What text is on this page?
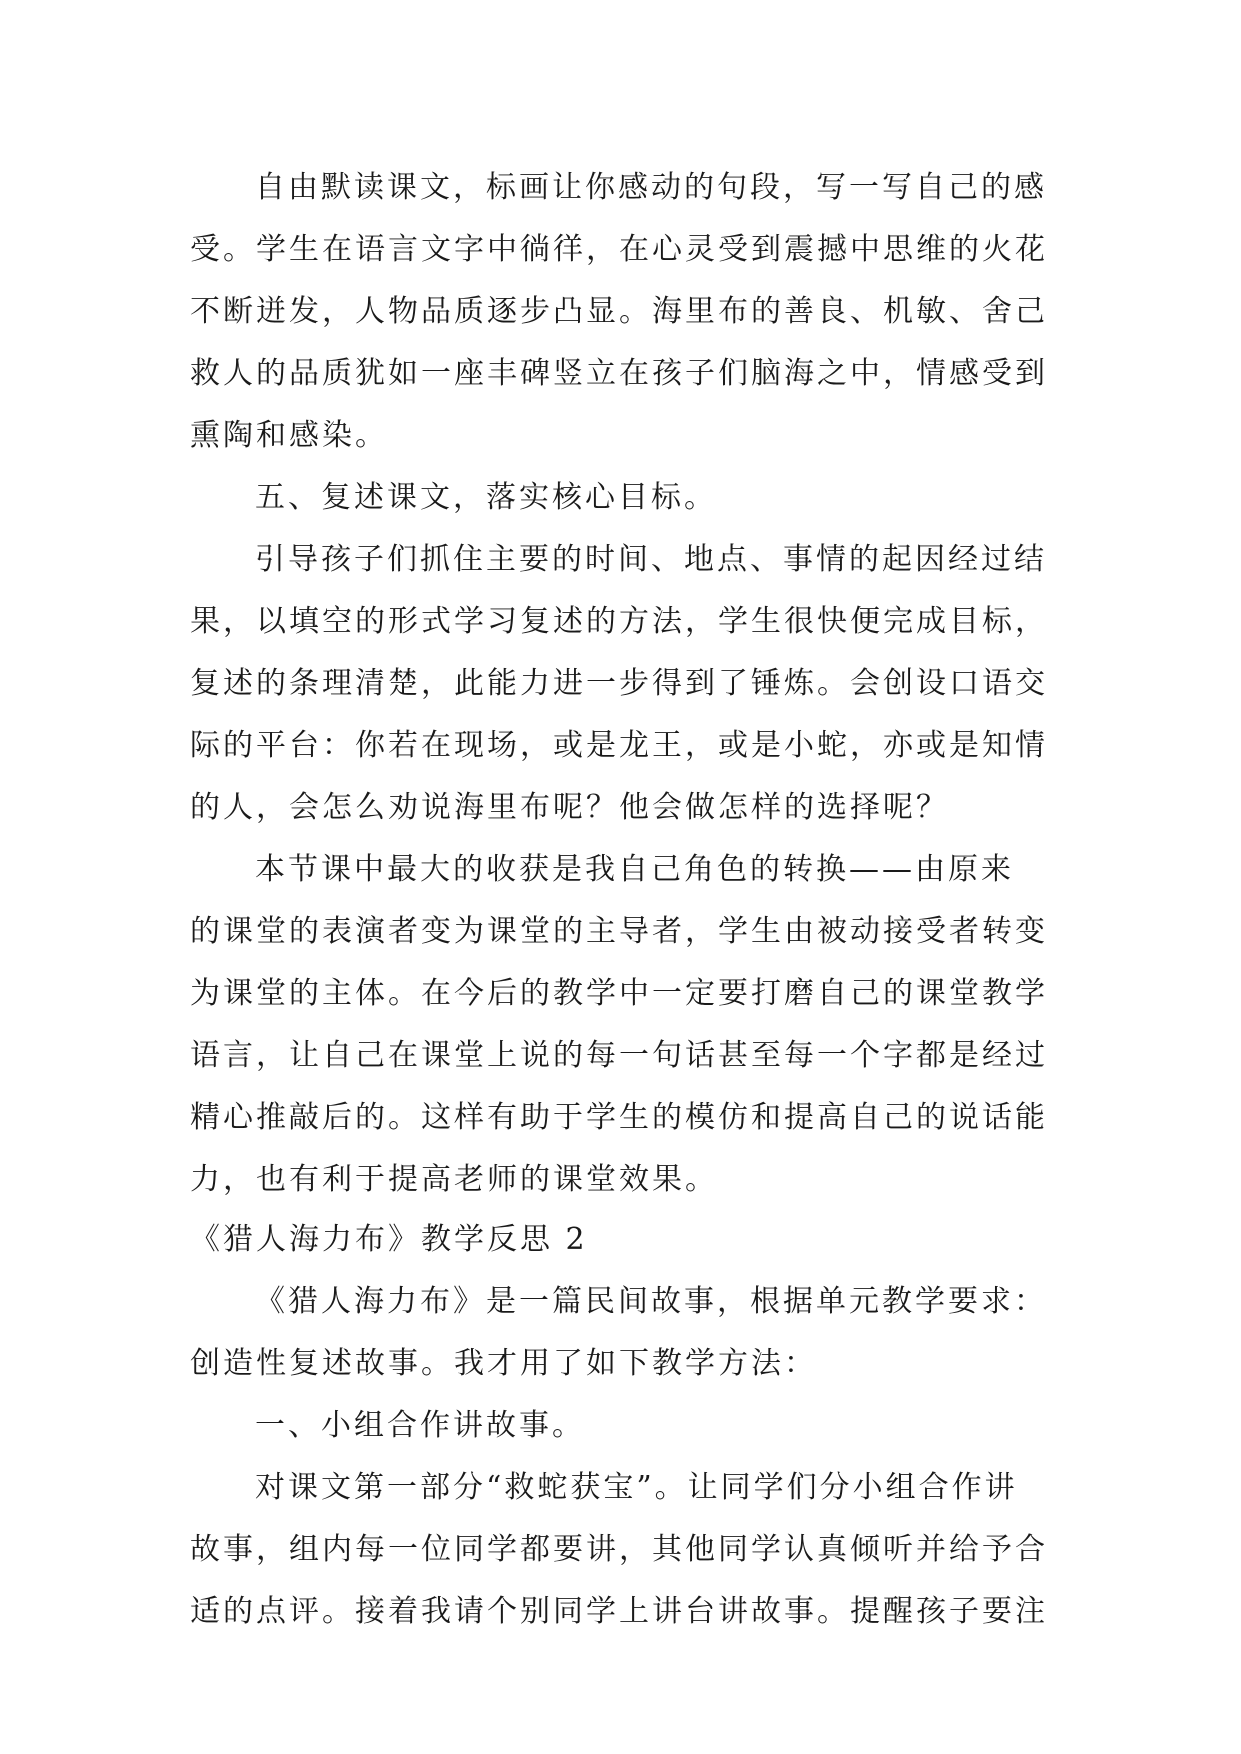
自由默读课文，标画让你感动的句段，写一写自己的感
受。学生在语言文字中徜徉，在心灵受到震撼中思维的火花
不断迸发，人物品质逐步凸显。海里布的善良、机敏、舍己
救人的品质犹如一座丰碑竖立在孩子们脑海之中，情感受到
熏陶和感染。
五、复述课文，落实核心目标。
引导孩子们抓住主要的时间、地点、事情的起因经过结
果，以填空的形式学习复述的方法，学生很快便完成目标，
复述的条理清楚，此能力进一步得到了锤炼。会创设口语交
际的平台：你若在现场，或是龙王，或是小蛇，亦或是知情
的人，会怎么劝说海里布呢？他会做怎样的选择呢？
本节课中最大的收获是我自己角色的转换——由原来
的课堂的表演者变为课堂的主导者，学生由被动接受者转变
为课堂的主体。在今后的教学中一定要打磨自己的课堂教学
语言，让自己在课堂上说的每一句话甚至每一个字都是经过
精心推敲后的。这样有助于学生的模仿和提高自己的说话能
力，也有利于提高老师的课堂效果。
《猎人海力布》教学反思 2
《猎人海力布》是一篇民间故事，根据单元教学要求：
创造性复述故事。我才用了如下教学方法：
一、小组合作讲故事。
对课文第一部分“救蛇获宝”。让同学们分小组合作讲
故事，组内每一位同学都要讲，其他同学认真倾听并给予合
适的点评。接着我请个别同学上讲台讲故事。提醒孩子要注
